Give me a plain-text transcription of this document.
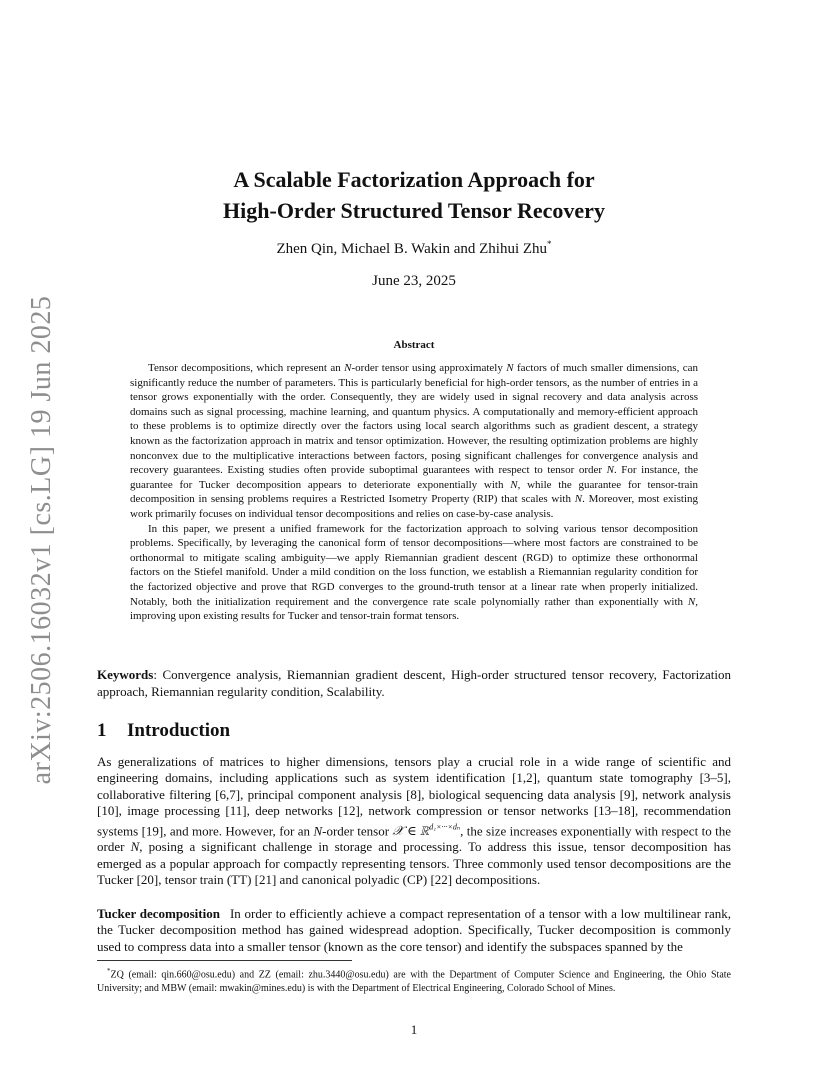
arXiv:2506.16032v1 [cs.LG] 19 Jun 2025
A Scalable Factorization Approach for
High-Order Structured Tensor Recovery
Zhen Qin, Michael B. Wakin and Zhihui Zhu*
June 23, 2025
Abstract

Tensor decompositions, which represent an N-order tensor using approximately N factors of much smaller dimensions, can significantly reduce the number of parameters. This is particularly beneficial for high-order tensors, as the number of entries in a tensor grows exponentially with the order. Consequently, they are widely used in signal recovery and data analysis across domains such as signal processing, machine learning, and quantum physics. A computationally and memory-efficient approach to these problems is to optimize directly over the factors using local search algorithms such as gradient descent, a strategy known as the factorization approach in matrix and tensor optimization. However, the resulting optimization problems are highly nonconvex due to the multiplicative interactions between factors, posing significant challenges for convergence analysis and recovery guarantees. Existing studies often provide suboptimal guarantees with respect to tensor order N. For instance, the guarantee for Tucker decomposition appears to deteriorate exponentially with N, while the guarantee for tensor-train decomposition in sensing problems requires a Restricted Isometry Property (RIP) that scales with N. Moreover, most existing work primarily focuses on individual tensor decompositions and relies on case-by-case analysis.

In this paper, we present a unified framework for the factorization approach to solving various tensor decomposition problems. Specifically, by leveraging the canonical form of tensor decompositions—where most factors are constrained to be orthonormal to mitigate scaling ambiguity—we apply Riemannian gradient descent (RGD) to optimize these orthonormal factors on the Stiefel manifold. Under a mild condition on the loss function, we establish a Riemannian regularity condition for the factorized objective and prove that RGD converges to the ground-truth tensor at a linear rate when properly initialized. Notably, both the initialization requirement and the convergence rate scale polynomially rather than exponentially with N, improving upon existing results for Tucker and tensor-train format tensors.

Keywords: Convergence analysis, Riemannian gradient descent, High-order structured tensor recovery, Factorization approach, Riemannian regularity condition, Scalability.
1 Introduction

As generalizations of matrices to higher dimensions, tensors play a crucial role in a wide range of scientific and engineering domains, including applications such as system identification [1,2], quantum state tomography [3–5], collaborative filtering [6,7], principal component analysis [8], biological sequencing data analysis [9], network analysis [10], image processing [11], deep networks [12], network compression or tensor networks [13–18], recommendation systems [19], and more. However, for an N-order tensor 𝒳 ∈ ℝ$^{d_1\times\cdot\cdot\cdot\times d_n}$, the size increases exponentially with respect to the order N, posing a significant challenge in storage and processing. To address this issue, tensor decomposition has emerged as a popular approach for compactly representing tensors. Three commonly used tensor decompositions are the Tucker [20], tensor train (TT) [21] and canonical polyadic (CP) [22] decompositions.

Tucker decomposition In order to efficiently achieve a compact representation of a tensor with a low multilinear rank, the Tucker decomposition method has gained widespread adoption. Specifically, Tucker decomposition is commonly used to compress data into a smaller tensor (known as the core tensor) and identify the subspaces spanned by the

*ZQ (email: qin.660@osu.edu) and ZZ (email: zhu.3440@osu.edu) are with the Department of Computer Science and Engineering, the Ohio State University; and MBW (email: mwakin@mines.edu) is with the Department of Electrical Engineering, Colorado School of Mines.
1
